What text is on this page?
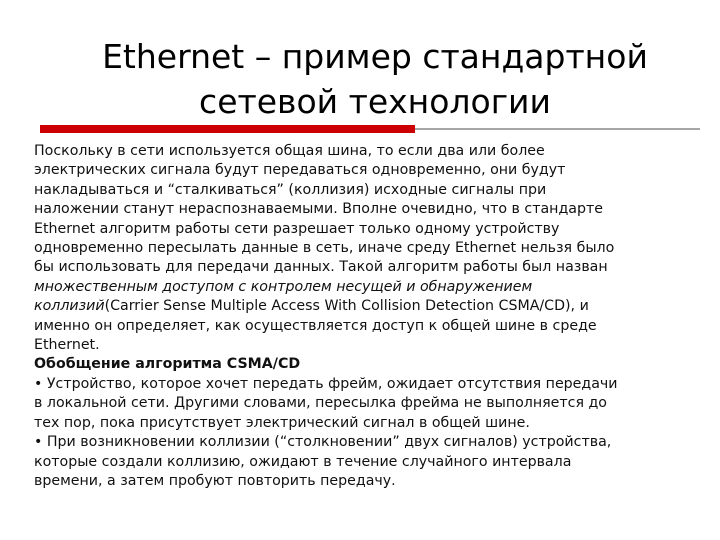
Ethernet – пример стандартной
сетевой технологии
Поскольку в сети используется общая шина, то если два или более
электрических сигнала будут передаваться одновременно, они будут
накладываться и “сталкиваться” (коллизия) исходные сигналы при
наложении станут нераспознаваемыми. Вполне очевидно, что в стандарте
Ethernet алгоритм работы сети разрешает только одному устройству
одновременно пересылать данные в сеть, иначе среду Ethernet нельзя было
бы использовать для передачи данных. Такой алгоритм работы был назван
множественным доступом с контролем несущей и обнаружением
коллизий(Carrier Sense Multiple Access With Collision Detection CSMA/CD), и
именно он определяет, как осуществляется доступ к общей шине в среде
Ethernet.
Обобщение алгоритма CSMA/CD
• Устройство, которое хочет передать фрейм, ожидает отсутствия передачи
в локальной сети. Другими словами, пересылка фрейма не выполняется до
тех пор, пока присутствует электрический сигнал в общей шине.
• При возникновении коллизии (“столкновении” двух сигналов) устройства,
которые создали коллизию, ожидают в течение случайного интервала
времени, а затем пробуют повторить передачу.
